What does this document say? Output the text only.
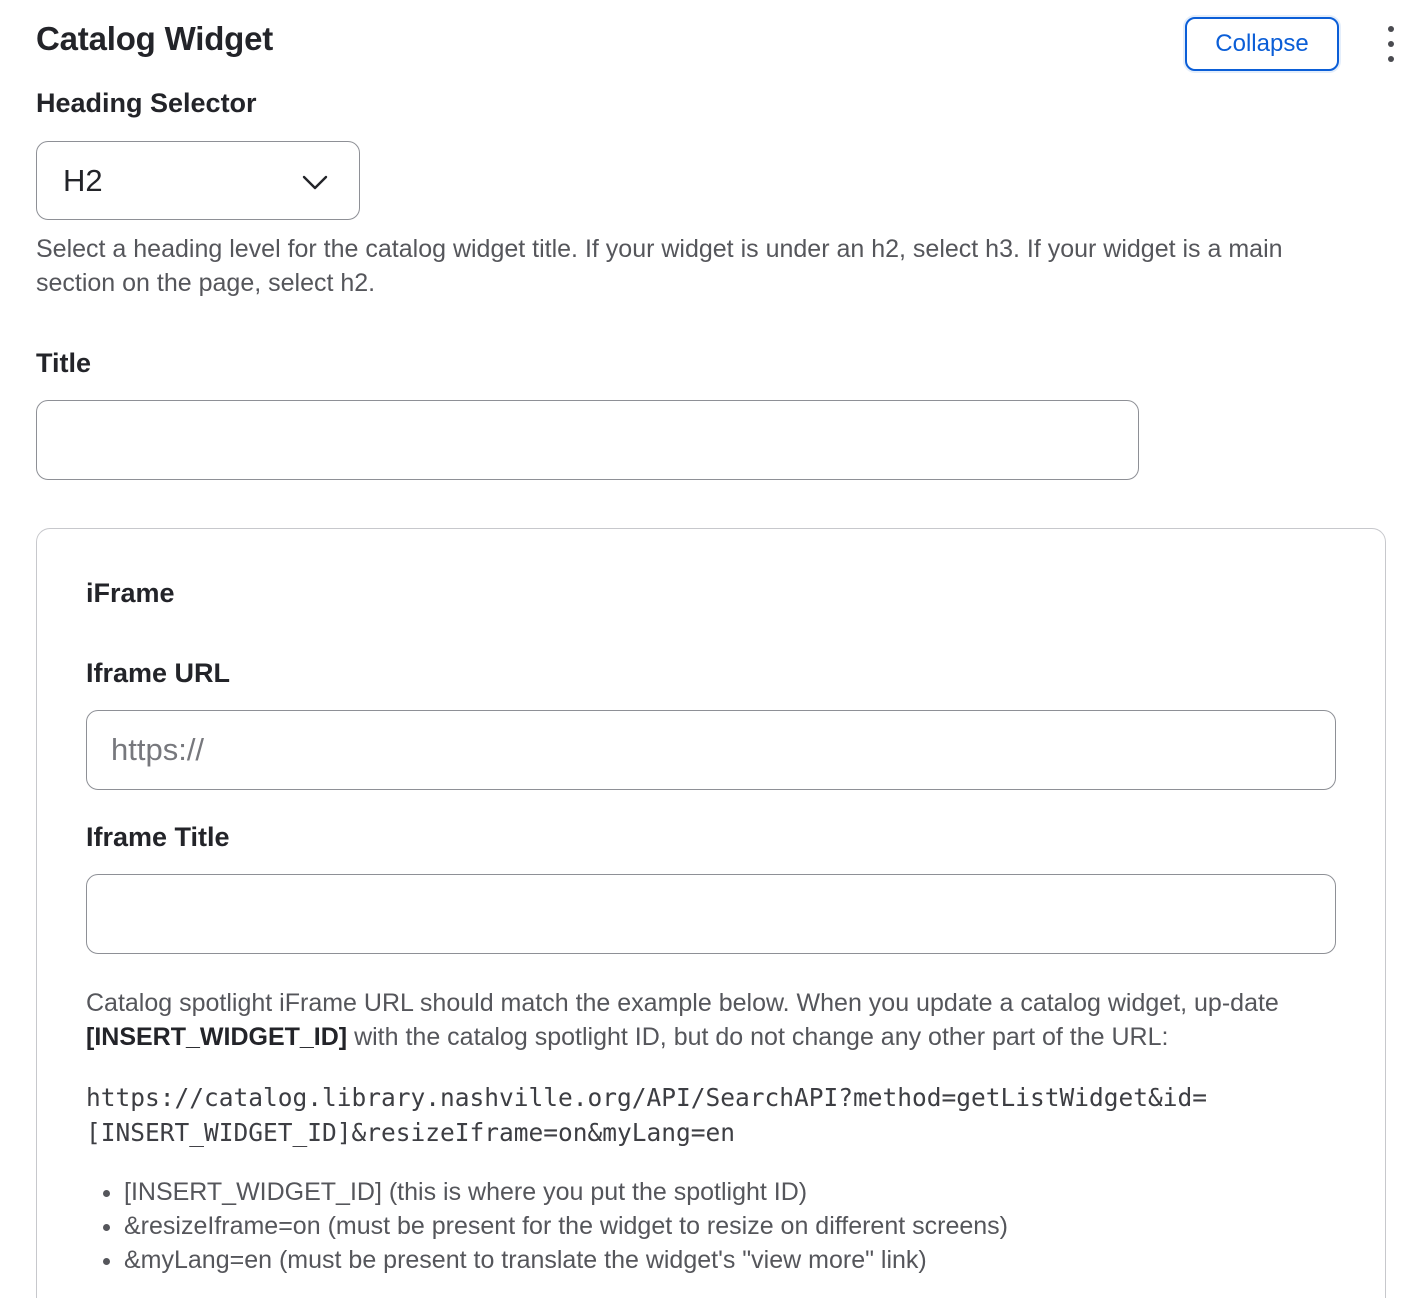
Catalog Widget	Collapse
Heading Selector
H2
Select a heading level for the catalog widget title. If your widget is under an h2, select h3. If your widget is a main section on the page, select h2.
Title
iFrame
Iframe URL
https://
Iframe Title
Catalog spotlight iFrame URL should match the example below. When you update a catalog widget, up-date [INSERT_WIDGET_ID] with the catalog spotlight ID, but do not change any other part of the URL:
https://catalog.library.nashville.org/API/SearchAPI?method=getListWidget&id=
[INSERT_WIDGET_ID]&resizeIframe=on&myLang=en
• [INSERT_WIDGET_ID] (this is where you put the spotlight ID)
• &resizeIframe=on (must be present for the widget to resize on different screens)
• &myLang=en (must be present to translate the widget's "view more" link)
